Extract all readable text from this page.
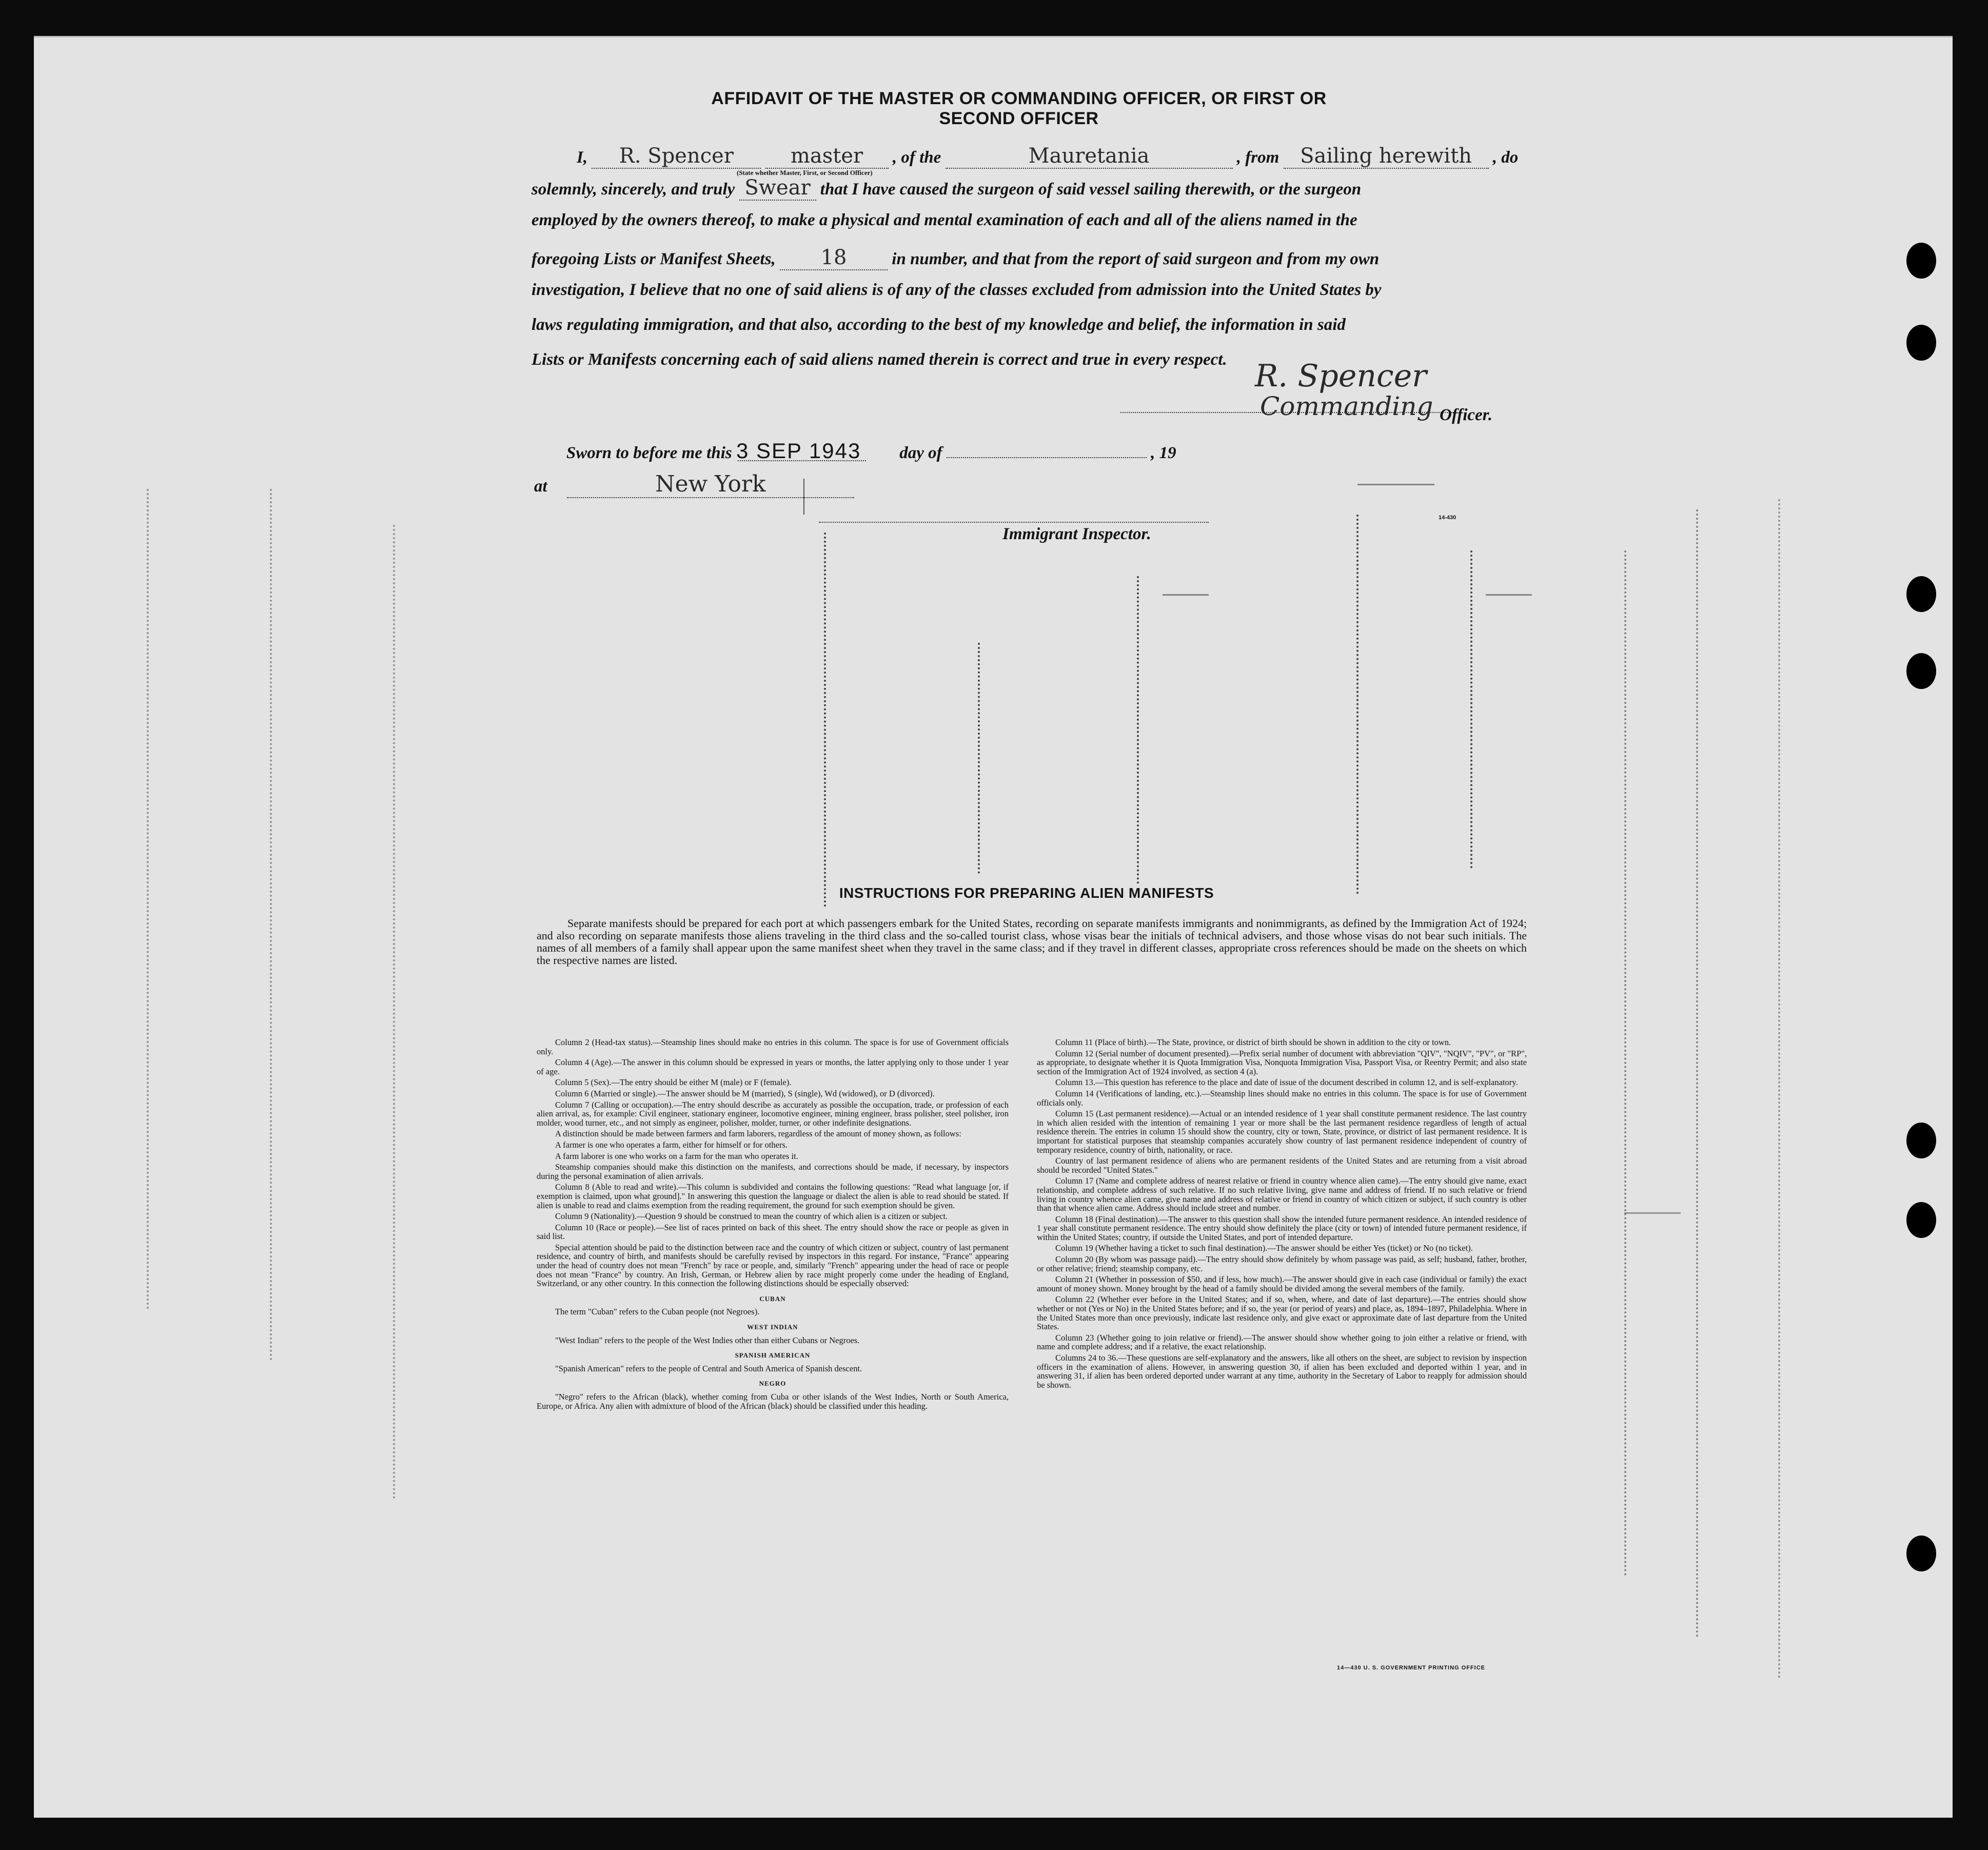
AFFIDAVIT OF THE MASTER OR COMMANDING OFFICER, OR FIRST OR SECOND OFFICER
I, R. Spencer	master , of the	Mauretania	, from Sailing herewith , do
(State whether Master, First, or Second Officer)
solemnly, sincerely, and truly Swear that I have caused the surgeon of said vessel sailing therewith, or the surgeon
employed by the owners thereof, to make a physical and mental examination of each and all of the aliens named in the
foregoing Lists or Manifest Sheets, 18	in number, and that from the report of said surgeon and from my own
investigation, I believe that no one of said aliens is of any of the classes excluded from admission into the United States by
laws regulating immigration, and that also, according to the best of my knowledge and belief, the information in said
Lists or Manifests concerning each of said aliens named therein is correct and true in every respect. R. Spencer
Commanding Officer.
Sworn to before me this 3 SEP 1943 day of	, 19
at	New York
Immigrant Inspector.
14-430
INSTRUCTIONS FOR PREPARING ALIEN MANIFESTS
Separate manifests should be prepared for each port at which passengers embark for the United States, recording on separate manifests immigrants and nonimmigrants, as defined by the Immigration Act of 1924; and also recording on separate manifests those aliens traveling in the third class and the so-called tourist class, whose visas bear the initials of technical advisers, and those whose visas do not bear such initials. The names of all members of a family shall appear upon the same manifest sheet when they travel in the same class; and if they travel in different classes, appropriate cross references should be made on the sheets on which the respective names are listed.

Column 2 (Head-tax status).—Steamship lines should make no entries in this column. The space is for use of Government officials only.

Column 4 (Age).—The answer in this column should be expressed in years or months, the latter applying only to those under 1 year of age.

Column 5 (Sex).—The entry should be either M (male) or F (female).

Column 6 (Married or single).—The answer should be M (married), S (single), Wd (widowed), or D (divorced).

Column 7 (Calling or occupation).—The entry should describe as accurately as possible the occupation, trade, or profession of each alien arrival, as, for example: Civil engineer, stationary engineer, locomotive engineer, mining engineer, brass polisher, steel polisher, iron molder, wood turner, etc., and not simply as engineer, polisher, molder, turner, or other indefinite designations.

A distinction should be made between farmers and farm laborers, regardless of the amount of money shown, as follows:

A farmer is one who operates a farm, either for himself or for others.

A farm laborer is one who works on a farm for the man who operates it.

Steamship companies should make this distinction on the manifests, and corrections should be made, if necessary, by inspectors during the personal examination of alien arrivals.

Column 8 (Able to read and write).—This column is subdivided and contains the following questions: "Read what language [or, if exemption is claimed, upon what ground]." In answering this question the language or dialect the alien is able to read should be stated. If alien is unable to read and claims exemption from the reading requirement, the ground for such exemption should be given.

Column 9 (Nationality).—Question 9 should be construed to mean the country of which alien is a citizen or subject.

Column 10 (Race or people).—See list of races printed on back of this sheet. The entry should show the race or people as given in said list.

Special attention should be paid to the distinction between race and the country of which citizen or subject, country of last permanent residence, and country of birth, and manifests should be carefully revised by inspectors in this regard. For instance, "France" appearing under the head of country does not mean "French" by race or people, and, similarly "French" appearing under the head of race or people does not mean "France" by country. An Irish, German, or Hebrew alien by race might properly come under the heading of England, Switzerland, or any other country. In this connection the following distinctions should be especially observed:

CUBAN

The term "Cuban" refers to the Cuban people (not Negroes).

WEST INDIAN

"West Indian" refers to the people of the West Indies other than either Cubans or Negroes.

SPANISH AMERICAN

"Spanish American" refers to the people of Central and South America of Spanish descent.

NEGRO

"Negro" refers to the African (black), whether coming from Cuba or other islands of the West Indies, North or South America, Europe, or Africa. Any alien with admixture of blood of the African (black) should be classified under this heading.

Column 11 (Place of birth).—The State, province, or district of birth should be shown in addition to the city or town.

Column 12 (Serial number of document presented).—Prefix serial number of document with abbreviation "QIV", "NQIV", "PV", or "RP", as appropriate, to designate whether it is Quota Immigration Visa, Nonquota Immigration Visa, Passport Visa, or Reentry Permit; and also state section of the Immigration Act of 1924 involved, as section 4 (a).

Column 13.—This question has reference to the place and date of issue of the document described in column 12, and is self-explanatory.

Column 14 (Verifications of landing, etc.).—Steamship lines should make no entries in this column. The space is for use of Government officials only.

Column 15 (Last permanent residence).—Actual or an intended residence of 1 year shall constitute permanent residence. The last country in which alien resided with the intention of remaining 1 year or more shall be the last permanent residence regardless of length of actual residence therein. The entries in column 15 should show the country, city or town, State, province, or district of last permanent residence. It is important for statistical purposes that steamship companies accurately show country of last permanent residence independent of country of temporary residence, country of birth, nationality, or race.

Country of last permanent residence of aliens who are permanent residents of the United States and are returning from a visit abroad should be recorded "United States."

Column 17 (Name and complete address of nearest relative or friend in country whence alien came).—The entry should give name, exact relationship, and complete address of such relative. If no such relative living, give name and address of friend. If no such relative or friend living in country whence alien came, give name and address of relative or friend in country of which citizen or subject, if such country is other than that whence alien came. Address should include street and number.

Column 18 (Final destination).—The answer to this question shall show the intended future permanent residence. An intended residence of 1 year shall constitute permanent residence. The entry should show definitely the place (city or town) of intended future permanent residence, if within the United States; country, if outside the United States, and port of intended departure.

Column 19 (Whether having a ticket to such final destination).—The answer should be either Yes (ticket) or No (no ticket).

Column 20 (By whom was passage paid).—The entry should show definitely by whom passage was paid, as self; husband, father, brother, or other relative; friend; steamship company, etc.

Column 21 (Whether in possession of $50, and if less, how much).—The answer should give in each case (individual or family) the exact amount of money shown. Money brought by the head of a family should be divided among the several members of the family.

Column 22 (Whether ever before in the United States; and if so, when, where, and date of last departure).—The entries should show whether or not (Yes or No) in the United States before; and if so, the year (or period of years) and place, as, 1894–1897, Philadelphia. Where in the United States more than once previously, indicate last residence only, and give exact or approximate date of last departure from the United States.

Column 23 (Whether going to join relative or friend).—The answer should show whether going to join either a relative or friend, with name and complete address; and if a relative, the exact relationship.

Columns 24 to 36.—These questions are self-explanatory and the answers, like all others on the sheet, are subject to revision by inspection officers in the examination of aliens. However, in answering question 30, if alien has been excluded and deported within 1 year, and in answering 31, if alien has been ordered deported under warrant at any time, authority in the Secretary of Labor to reapply for admission should be shown.

14—430 U. S. GOVERNMENT PRINTING OFFICE
